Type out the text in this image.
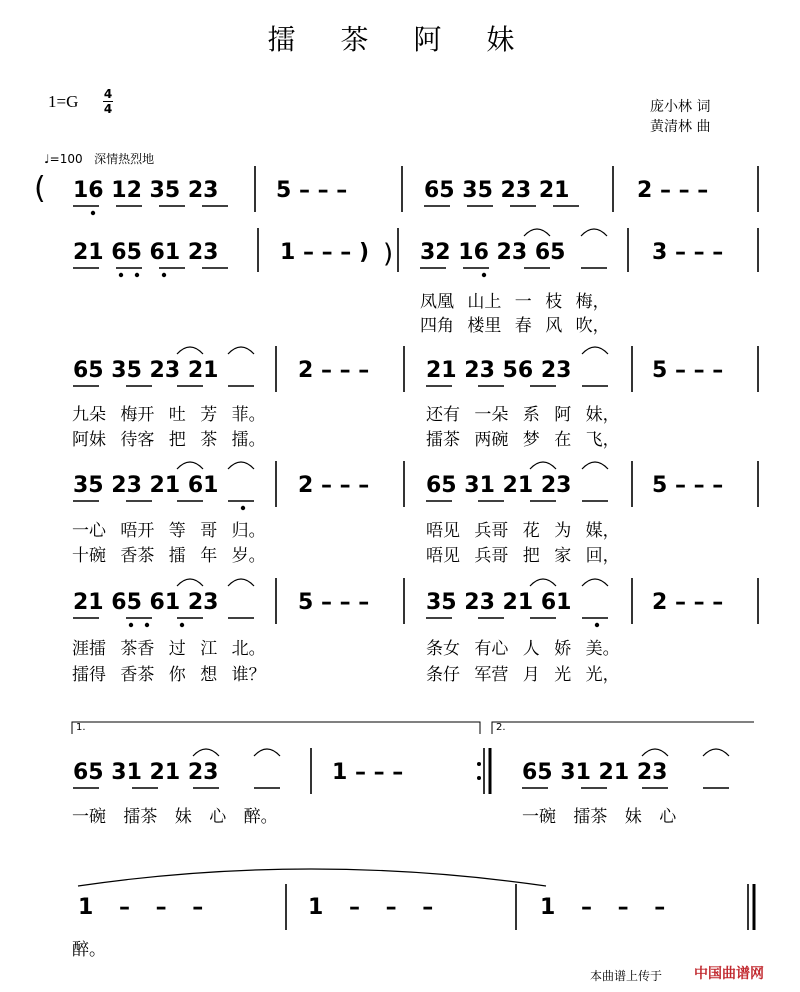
擂 茶 阿 妹
1=G 4
4	庞小林 词
黄清林 曲
♩=100 深情热烈地
( 16 12 35 23	5 – – –	65 35 23 21	2 – – –
21 65 61 23	1 – – – ) 32 16 23 65	3 – – –
凤凰 山上 一 枝 梅，
四角 楼里 春 风 吹，
65 35 23 21	2 – – –	21 23 56 23	5 – – –
九朵 梅开 吐 芳 菲。	还有 一朵 系 阿 妹，
阿妹 待客 把 茶 擂。	擂茶 两碗 梦 在 飞，
35 23 21 61	2 – – –	65 31 21 23	5 – – –
一心 唔开 等 哥 归。	唔见 兵哥 花 为 媒，
十碗 香茶 擂 年 岁。	唔见 兵哥 把 家 回，
21 65 61 23	5 – – –	35 23 21 61	2 – – –
涯擂 茶香 过 江 北。	条女 有心 人 娇 美。
擂得 香茶 你 想 谁？	条仔 军营 月 光 光，
1.	2.
65 31 21 23	1 – – –	65 31 21 23
一碗 擂茶 妹 心 醉。	一碗 擂茶 妹 心
1 – – –	1 – – –	1 – – –
醉。
本曲谱上传于 中国曲谱网
)
